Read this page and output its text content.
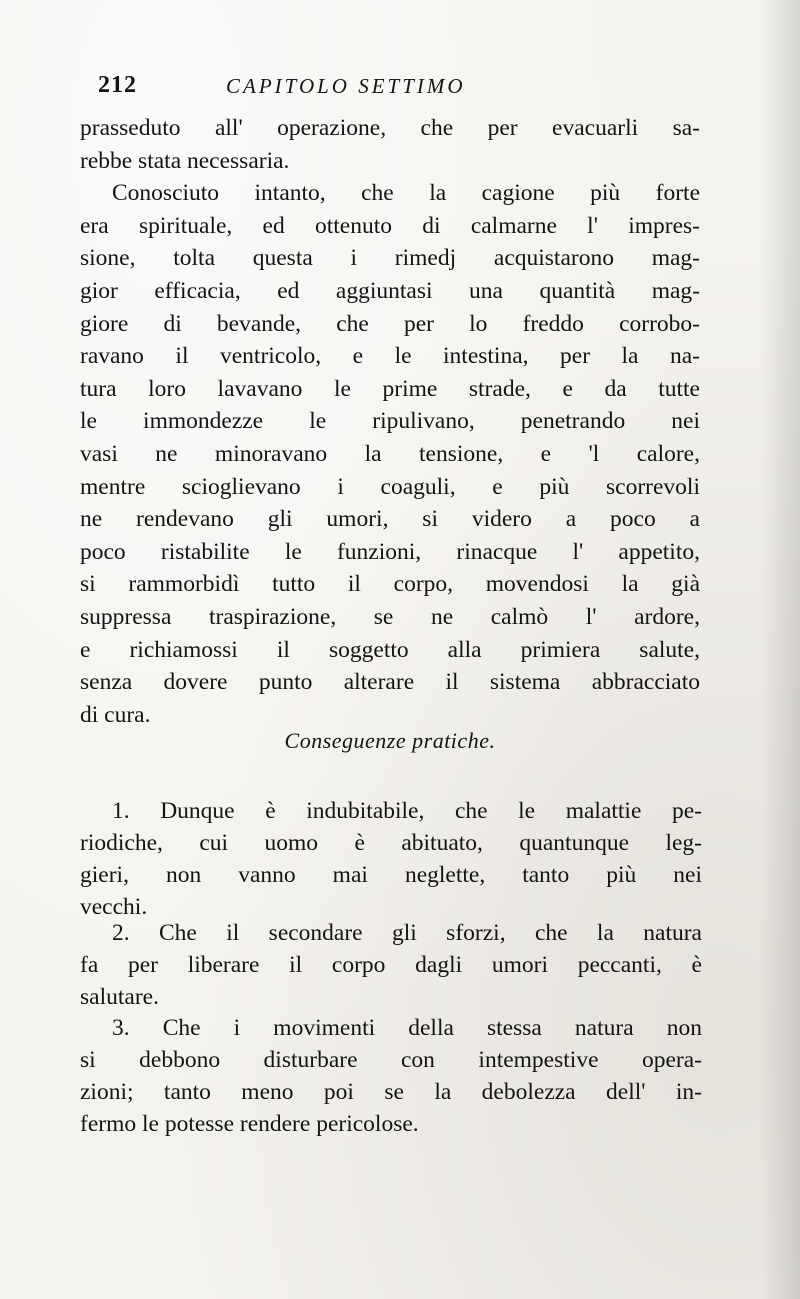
212	CAPITOLO SETTIMO
prasseduto all' operazione, che per evacuarli sa-
rebbe stata necessaria.
Conosciuto intanto, che la cagione più forte
era spirituale, ed ottenuto di calmarne l' impres-
sione, tolta questa i rimedj acquistarono mag-
gior efficacia, ed aggiuntasi una quantità mag-
giore di bevande, che per lo freddo corrobo-
ravano il ventricolo, e le intestina, per la na-
tura loro lavavano le prime strade, e da tutte
le immondezze le ripulivano, penetrando nei
vasi ne minoravano la tensione, e 'l calore,
mentre scioglievano i coaguli, e più scorrevoli
ne rendevano gli umori, si videro a poco a
poco ristabilite le funzioni, rinacque l' appetito,
si rammorbidì tutto il corpo, movendosi la già
suppressa traspirazione, se ne calmò l' ardore,
e richiamossi il soggetto alla primiera salute,
senza dovere punto alterare il sistema abbracciato
di cura.
Conseguenze pratiche.
1. Dunque è indubitabile, che le malattie pe-
riodiche, cui uomo è abituato, quantunque leg-
gieri, non vanno mai neglette, tanto più nei
vecchi.
2. Che il secondare gli sforzi, che la natura
fa per liberare il corpo dagli umori peccanti, è
salutare.
3. Che i movimenti della stessa natura non
si debbono disturbare con intempestive opera-
zioni; tanto meno poi se la debolezza dell' in-
fermo le potesse rendere pericolose.
